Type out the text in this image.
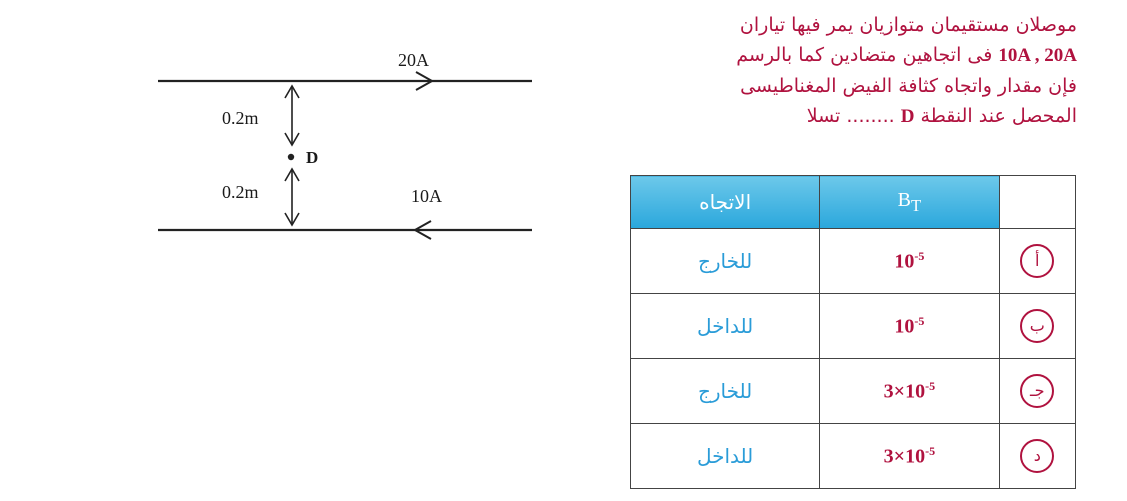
20A
10A
0.2m
D
0.2m
موصلان مستقيمان متوازيان يمر فيها تياران
10A , 20A فى اتجاهين متضادين كما بالرسم
فإن مقدار واتجاه كثافة الفيض المغناطيسى
المحصل عند النقطة D ........ تسلا
الاتجاه	$B_T$	
للخارج	$10^{-5}$	أ
للداخل	$10^{-5}$	ب
للخارج	$3\times 10^{-5}$	جـ
للداخل	$3\times 10^{-5}$	د
